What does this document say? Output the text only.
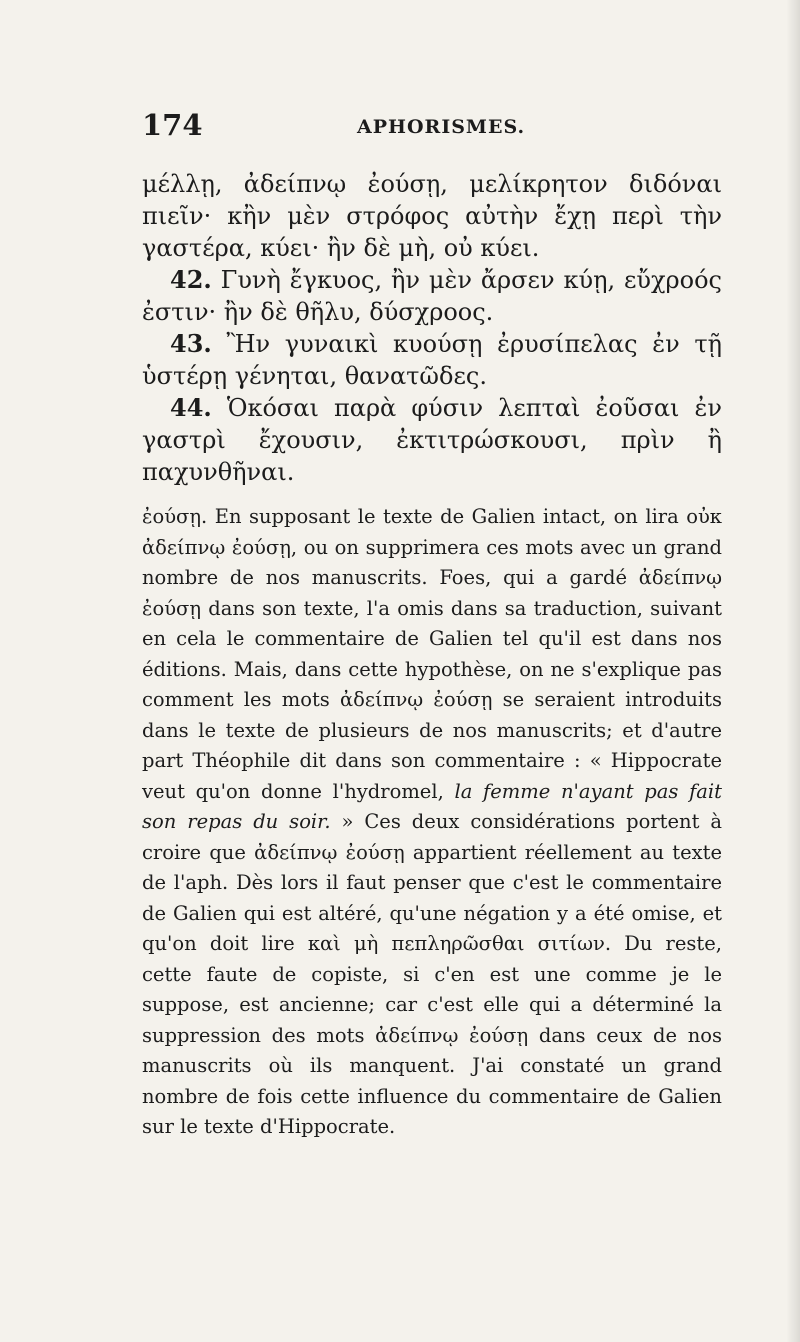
174	APHORISMES.

μέλλῃ, ἀδείπνῳ ἐούσῃ, μελίκρητον διδόναι πιεῖν· κἢν μὲν στρόφος αὐτὴν ἔχῃ περὶ τὴν γαστέρα, κύει· ἢν δὲ μὴ, οὐ κύει.

42. Γυνὴ ἔγκυος, ἢν μὲν ἄρσεν κύῃ, εὔχροός ἐστιν· ἢν δὲ θῆλυ, δύσχροος.

43. Ἢν γυναικὶ κυούσῃ ἐρυσίπελας ἐν τῇ ὑστέρῃ γένηται, θανατῶδες.

44. Ὁκόσαι παρὰ φύσιν λεπταὶ ἐοῦσαι ἐν γαστρὶ ἔχουσιν, ἐκτιτρώσκουσι, πρὶν ἢ παχυνθῆναι.

ἐούσῃ. En supposant le texte de Galien intact, on lira οὐκ ἀδείπνῳ ἐούσῃ, ou on supprimera ces mots avec un grand nombre de nos manuscrits. Foes, qui a gardé ἀδείπνῳ ἐούσῃ dans son texte, l'a omis dans sa traduction, suivant en cela le commentaire de Galien tel qu'il est dans nos éditions. Mais, dans cette hypothèse, on ne s'explique pas comment les mots ἀδείπνῳ ἐούσῃ se seraient introduits dans le texte de plusieurs de nos manuscrits; et d'autre part Théophile dit dans son commentaire : « Hippocrate veut qu'on donne l'hydromel, la femme n'ayant pas fait son repas du soir. » Ces deux considérations portent à croire que ἀδείπνῳ ἐούσῃ appartient réellement au texte de l'aph. Dès lors il faut penser que c'est le commentaire de Galien qui est altéré, qu'une négation y a été omise, et qu'on doit lire καὶ μὴ πεπληρῶσθαι σιτίων. Du reste, cette faute de copiste, si c'en est une comme je le suppose, est ancienne; car c'est elle qui a déterminé la suppression des mots ἀδείπνῳ ἐούσῃ dans ceux de nos manuscrits où ils manquent. J'ai constaté un grand nombre de fois cette influence du commentaire de Galien sur le texte d'Hippocrate.
